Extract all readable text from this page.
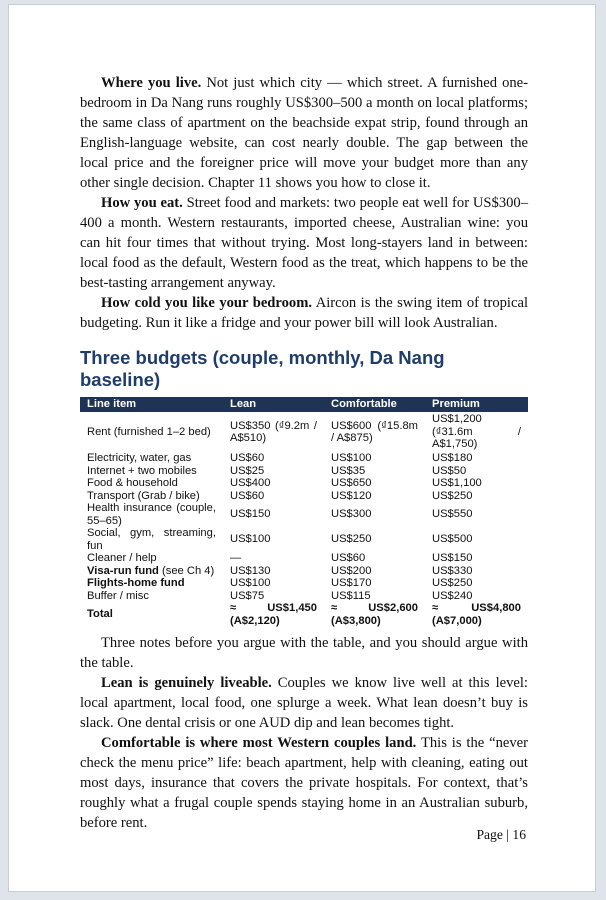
Where you live. Not just which city — which street. A furnished one-bedroom in Da Nang runs roughly US$300–500 a month on local platforms; the same class of apartment on the beachside expat strip, found through an English-language website, can cost nearly double. The gap between the local price and the foreigner price will move your budget more than any other single decision. Chapter 11 shows you how to close it.

How you eat. Street food and markets: two people eat well for US$300–400 a month. Western restaurants, imported cheese, Australian wine: you can hit four times that without trying. Most long-stayers land in between: local food as the default, Western food as the treat, which happens to be the best-tasting arrangement anyway.

How cold you like your bedroom. Aircon is the swing item of tropical budgeting. Run it like a fridge and your power bill will look Australian.

Three budgets (couple, monthly, Da Nang baseline)
Line item	Lean	Comfortable	Premium
Rent (furnished 1–2 bed)	US$350 (₫9.2m / A$510)	US$600 (₫15.8m / A$875)	US$1,200 (₫31.6m / A$1,750)
Electricity, water, gas	US$60	US$100	US$180
Internet + two mobiles	US$25	US$35	US$50
Food & household	US$400	US$650	US$1,100
Transport (Grab / bike)	US$60	US$120	US$250
Health insurance (couple, 55–65)	US$150	US$300	US$550
Social, gym, streaming, fun	US$100	US$250	US$500
Cleaner / help	—	US$60	US$150
Visa-run fund (see Ch 4)	US$130	US$200	US$330
Flights-home fund	US$100	US$170	US$250
Buffer / misc	US$75	US$115	US$240
Total	≈ US$1,450 (A$2,120)	≈ US$2,600 (A$3,800)	≈ US$4,800 (A$7,000)

Three notes before you argue with the table, and you should argue with the table.

Lean is genuinely liveable. Couples we know live well at this level: local apartment, local food, one splurge a week. What lean doesn’t buy is slack. One dental crisis or one AUD dip and lean becomes tight.

Comfortable is where most Western couples land. This is the “never check the menu price” life: beach apartment, help with cleaning, eating out most days, insurance that covers the private hospitals. For context, that’s roughly what a frugal couple spends staying home in an Australian suburb, before rent.

Page | 16
